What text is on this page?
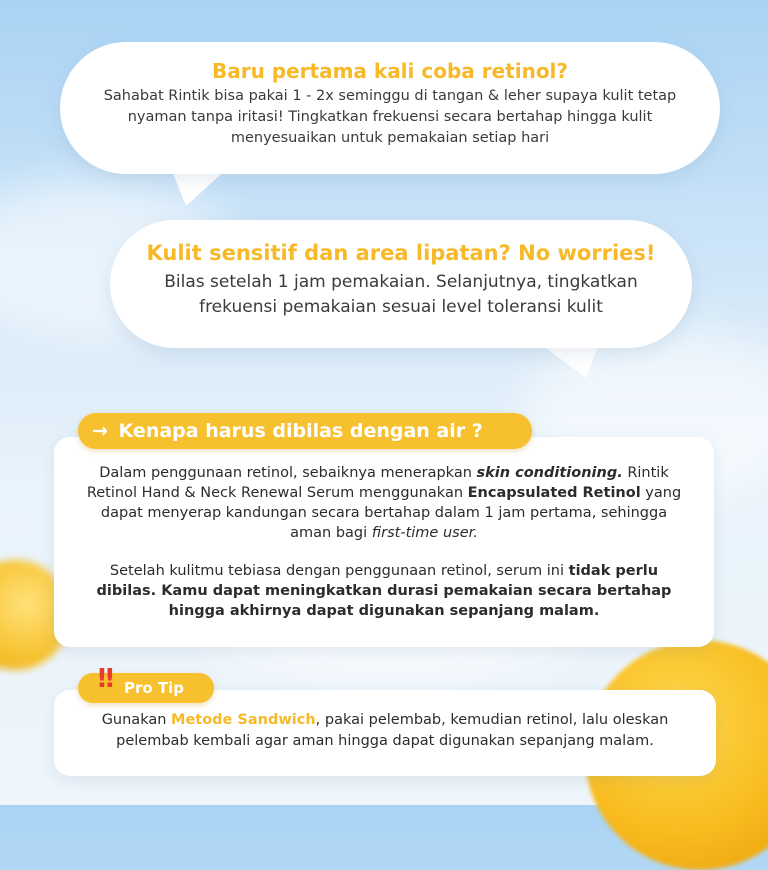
Baru pertama kali coba retinol?

Sahabat Rintik bisa pakai 1 - 2x seminggu di tangan & leher supaya kulit tetap nyaman tanpa iritasi! Tingkatkan frekuensi secara bertahap hingga kulit menyesuaikan untuk pemakaian setiap hari

Kulit sensitif dan area lipatan? No worries!

Bilas setelah 1 jam pemakaian. Selanjutnya, tingkatkan frekuensi pemakaian sesuai level toleransi kulit

Dalam penggunaan retinol, sebaiknya menerapkan skin conditioning. Rintik Retinol Hand & Neck Renewal Serum menggunakan Encapsulated Retinol yang dapat menyerap kandungan secara bertahap dalam 1 jam pertama, sehingga aman bagi first-time user.

Setelah kulitmu tebiasa dengan penggunaan retinol, serum ini tidak perlu dibilas. Kamu dapat meningkatkan durasi pemakaian secara bertahap hingga akhirnya dapat digunakan sepanjang malam.

→ Kenapa harus dibilas dengan air ?
Gunakan Metode Sandwich, pakai pelembab, kemudian retinol, lalu oleskan pelembab kembali agar aman hingga dapat digunakan sepanjang malam.
Pro Tip
!!
